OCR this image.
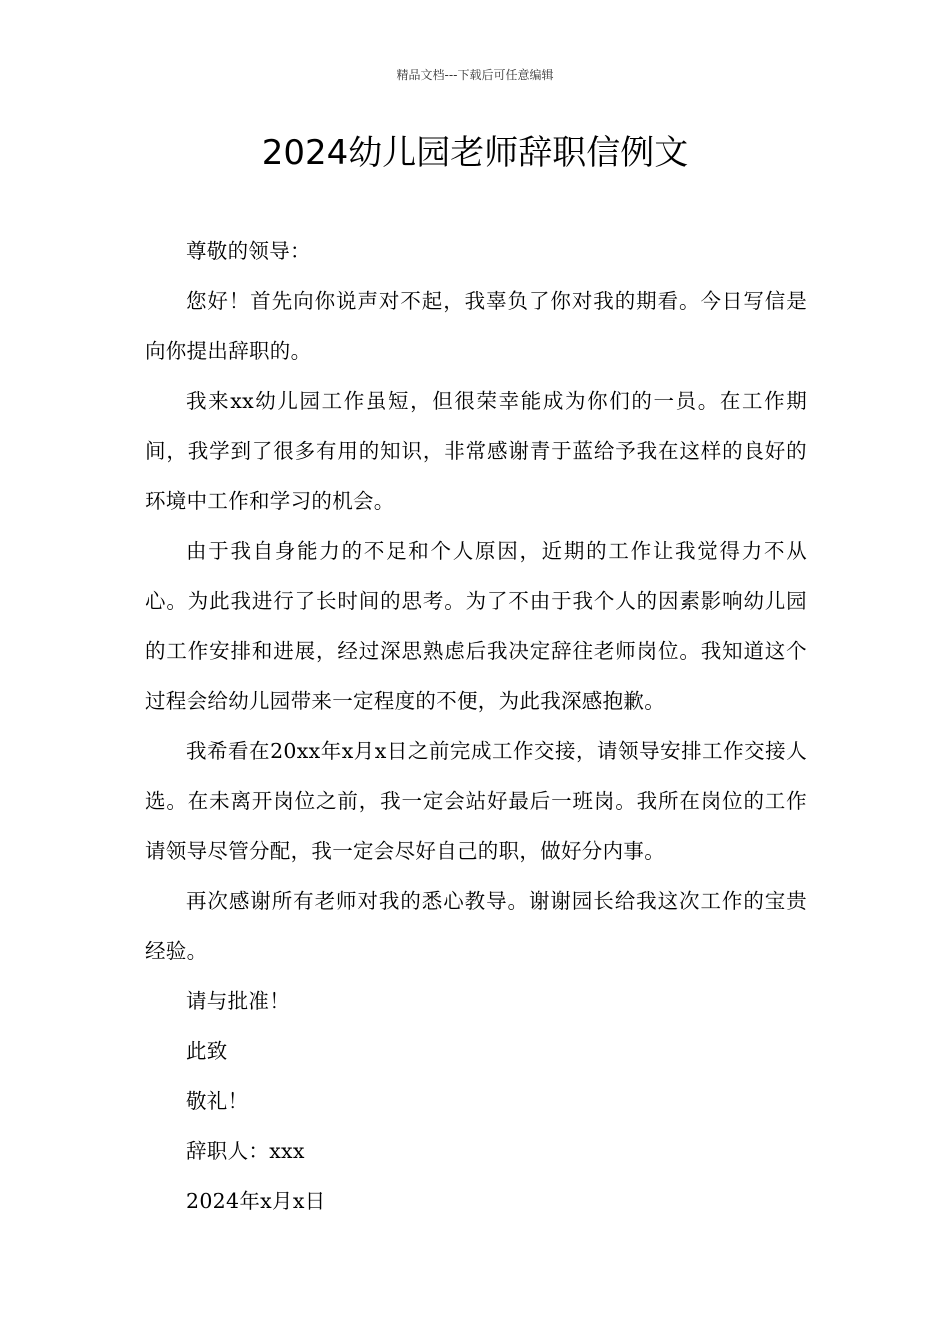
精品文档---下载后可任意编辑
2024幼儿园老师辞职信例文

尊敬的领导：

您好！首先向你说声对不起，我辜负了你对我的期看。今日写信是向你提出辞职的。

我来xx幼儿园工作虽短，但很荣幸能成为你们的一员。在工作期间，我学到了很多有用的知识，非常感谢青于蓝给予我在这样的良好的环境中工作和学习的机会。

由于我自身能力的不足和个人原因，近期的工作让我觉得力不从心。为此我进行了长时间的思考。为了不由于我个人的因素影响幼儿园的工作安排和进展，经过深思熟虑后我决定辞往老师岗位。我知道这个过程会给幼儿园带来一定程度的不便，为此我深感抱歉。

我希看在20xx年x月x日之前完成工作交接，请领导安排工作交接人选。在未离开岗位之前，我一定会站好最后一班岗。我所在岗位的工作请领导尽管分配，我一定会尽好自己的职，做好分内事。

再次感谢所有老师对我的悉心教导。谢谢园长给我这次工作的宝贵经验。

请与批准！

此致

敬礼！

辞职人：xxx

2024年x月x日
